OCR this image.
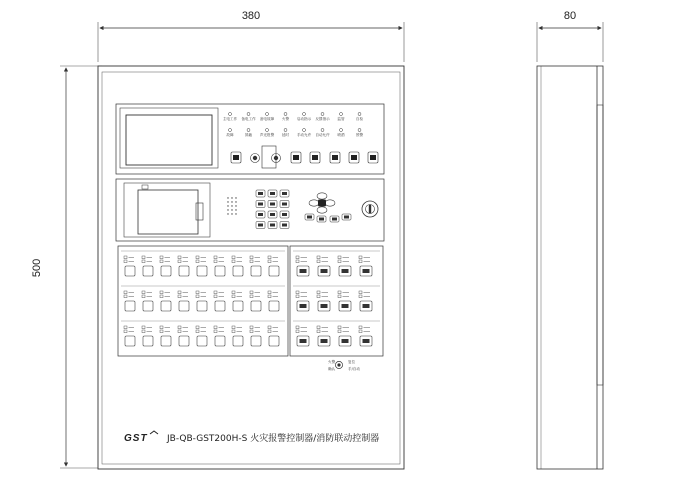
380	80
500
主电工作 备电工作 备电故障 火警 启动指示 反馈指示 监管	自检
故障	屏蔽 声光报警 延时 手动允许 自动允许 喷洒	预警
火警
确认
复位
手/自动
GST JB-QB-GST200H-S 火灾报警控制器/消防联动控制器
